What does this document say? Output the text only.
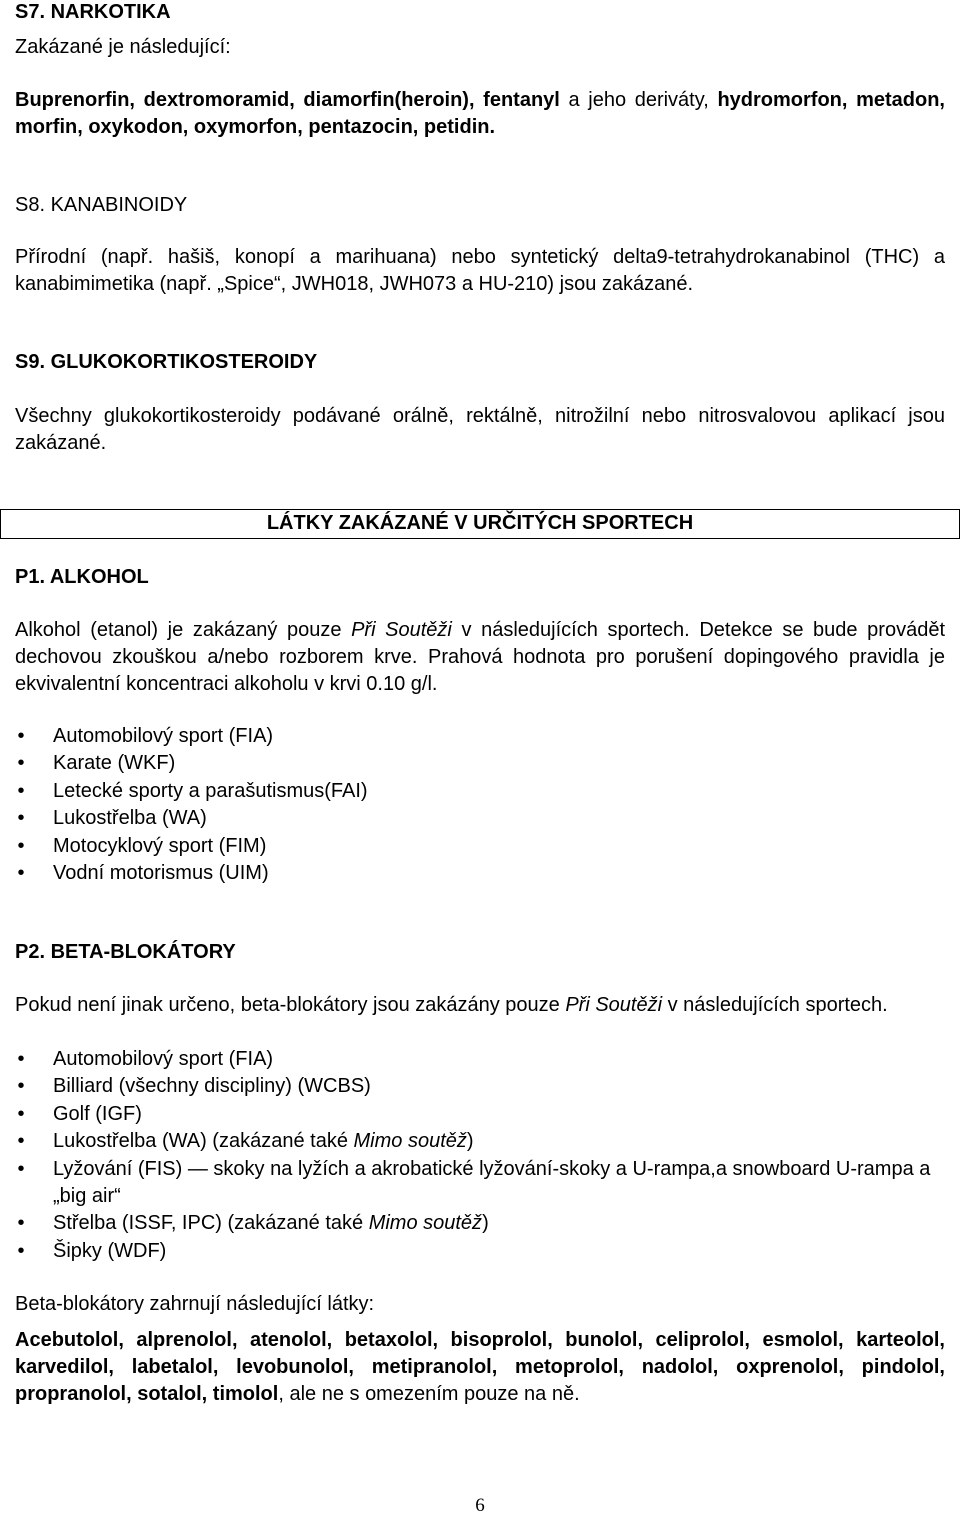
S7. NARKOTIKA
Zakázané je následující:
Buprenorfin, dextromoramid, diamorfin(heroin), fentanyl a jeho deriváty, hydromorfon, metadon, morfin, oxykodon, oxymorfon, pentazocin, petidin.
S8. KANABINOIDY
Přírodní (např. hašiš, konopí a marihuana) nebo syntetický delta9-tetrahydrokanabinol (THC) a kanabimimetika (např. „Spice“, JWH018, JWH073 a HU-210) jsou zakázané.
S9. GLUKOKORTIKOSTEROIDY
Všechny glukokortikosteroidy podávané orálně, rektálně, nitrožilní nebo nitrosvalovou aplikací jsou zakázané.
LÁTKY ZAKÁZANÉ V URČITÝCH SPORTECH
P1. ALKOHOL
Alkohol (etanol) je zakázaný pouze Při Soutěži v následujících sportech. Detekce se bude provádět dechovou zkouškou a/nebo rozborem krve. Prahová hodnota pro porušení dopingového pravidla je ekvivalentní koncentraci alkoholu v krvi 0.10 g/l.
• Automobilový sport (FIA)
• Karate (WKF)
• Letecké sporty a parašutismus(FAI)
• Lukostřelba (WA)
• Motocyklový sport (FIM)
• Vodní motorismus (UIM)
P2. BETA-BLOKÁTORY
Pokud není jinak určeno, beta-blokátory jsou zakázány pouze Při Soutěži v následujících sportech.
• Automobilový sport (FIA)
• Billiard (všechny discipliny) (WCBS)
• Golf (IGF)
• Lukostřelba (WA) (zakázané také Mimo soutěž)
• Lyžování (FIS) — skoky na lyžích a akrobatické lyžování-skoky a U-rampa,a snowboard U-rampa a „big air“
• Střelba (ISSF, IPC) (zakázané také Mimo soutěž)
• Šipky (WDF)
Beta-blokátory zahrnují následující látky:
Acebutolol, alprenolol, atenolol, betaxolol, bisoprolol, bunolol, celiprolol, esmolol, karteolol, karvedilol, labetalol, levobunolol, metipranolol, metoprolol, nadolol, oxprenolol, pindolol, propranolol, sotalol, timolol, ale ne s omezením pouze na ně.
6
